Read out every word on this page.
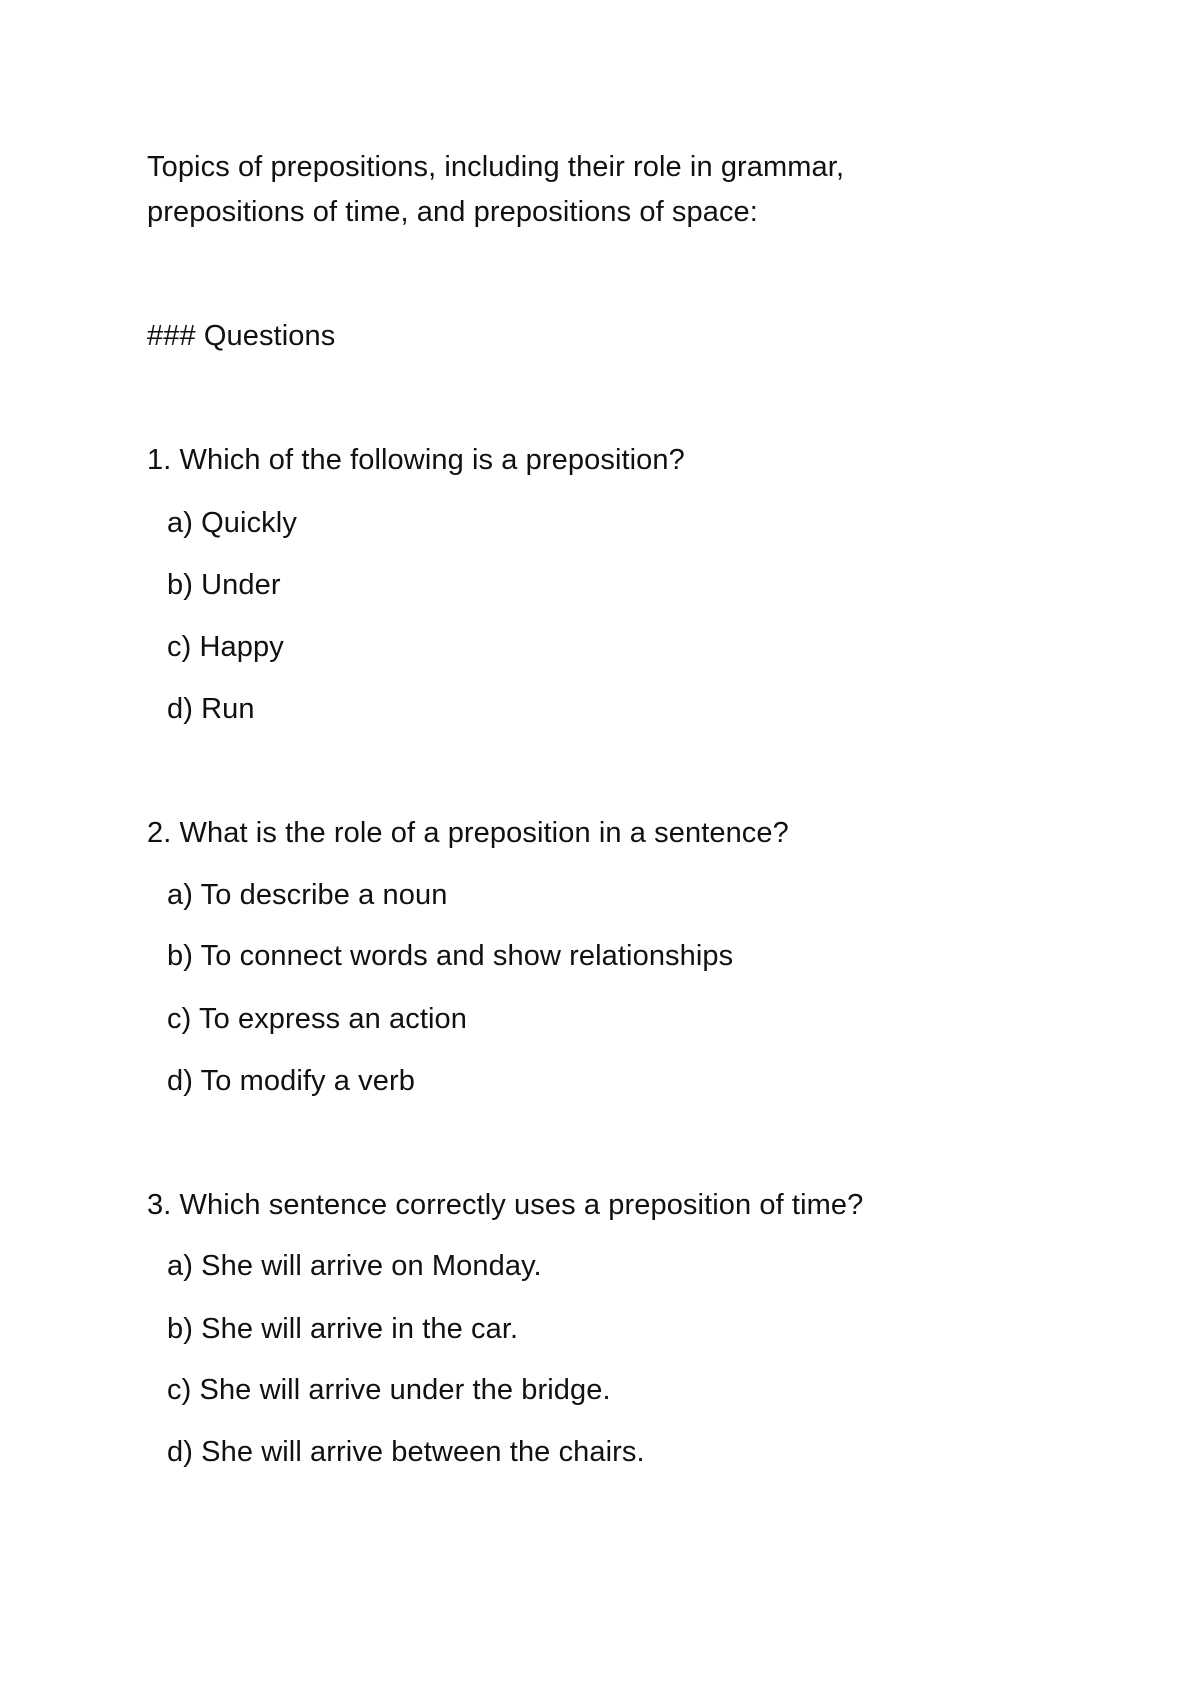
Topics of prepositions, including their role in grammar,
prepositions of time, and prepositions of space:
### Questions
1. Which of the following is a preposition?
a) Quickly
b) Under
c) Happy
d) Run
2. What is the role of a preposition in a sentence?
a) To describe a noun
b) To connect words and show relationships
c) To express an action
d) To modify a verb
3. Which sentence correctly uses a preposition of time?
a) She will arrive on Monday.
b) She will arrive in the car.
c) She will arrive under the bridge.
d) She will arrive between the chairs.
